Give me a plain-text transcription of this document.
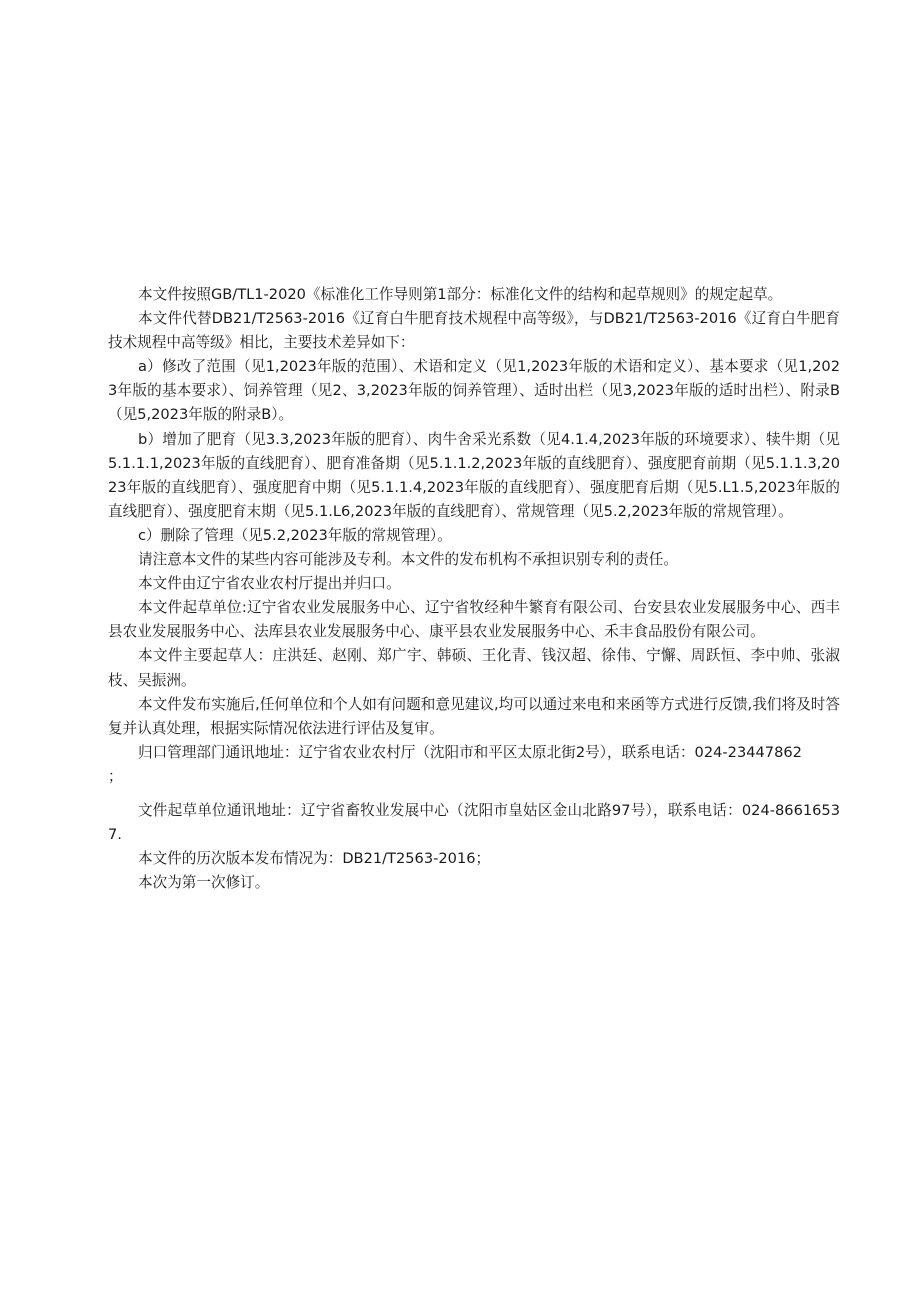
本文件按照GB/TL1-2020《标准化工作导则第1部分：标准化文件的结构和起草规则》的规定起草。

本文件代替DB21/T2563-2016《辽育白牛肥育技术规程中高等级》，与DB21/T2563-2016《辽育白牛肥育技术规程中高等级》相比，主要技术差异如下：

a）修改了范围（见1,2023年版的范围）、术语和定义（见1,2023年版的术语和定义）、基本要求（见1,2023年版的基本要求）、饲养管理（见2、3,2023年版的饲养管理）、适时出栏（见3,2023年版的适时出栏）、附录B（见5,2023年版的附录B）。

b）增加了肥育（见3.3,2023年版的肥育）、肉牛舍采光系数（见4.1.4,2023年版的环境要求）、犊牛期（见5.1.1.1,2023年版的直线肥育）、肥育准备期（见5.1.1.2,2023年版的直线肥育）、强度肥育前期（见5.1.1.3,2023年版的直线肥育）、强度肥育中期（见5.1.1.4,2023年版的直线肥育）、强度肥育后期（见5.L1.5,2023年版的直线肥育）、强度肥育末期（见5.1.L6,2023年版的直线肥育）、常规管理（见5.2,2023年版的常规管理）。

c）删除了管理（见5.2,2023年版的常规管理）。

请注意本文件的某些内容可能涉及专利。本文件的发布机构不承担识别专利的责任。

本文件由辽宁省农业农村厅提出并归口。

本文件起草单位:辽宁省农业发展服务中心、辽宁省牧经种牛繁育有限公司、台安县农业发展服务中心、西丰县农业发展服务中心、法库县农业发展服务中心、康平县农业发展服务中心、禾丰食品股份有限公司。

本文件主要起草人：庄洪廷、赵刚、郑广宇、韩硕、王化青、钱汉超、徐伟、宁懈、周跃恒、李中帅、张淑枝、吴振洲。

本文件发布实施后,任何单位和个人如有问题和意见建议,均可以通过来电和来函等方式进行反馈,我们将及时答复并认真处理，根据实际情况依法进行评估及复审。

归口管理部门通讯地址：辽宁省农业农村厅（沈阳市和平区太原北街2号），联系电话：024-23447862

；

文件起草单位通讯地址：辽宁省畜牧业发展中心（沈阳市皇姑区金山北路97号），联系电话：024-86616537.

本文件的历次版本发布情况为：DB21/T2563-2016；

本次为第一次修订。
